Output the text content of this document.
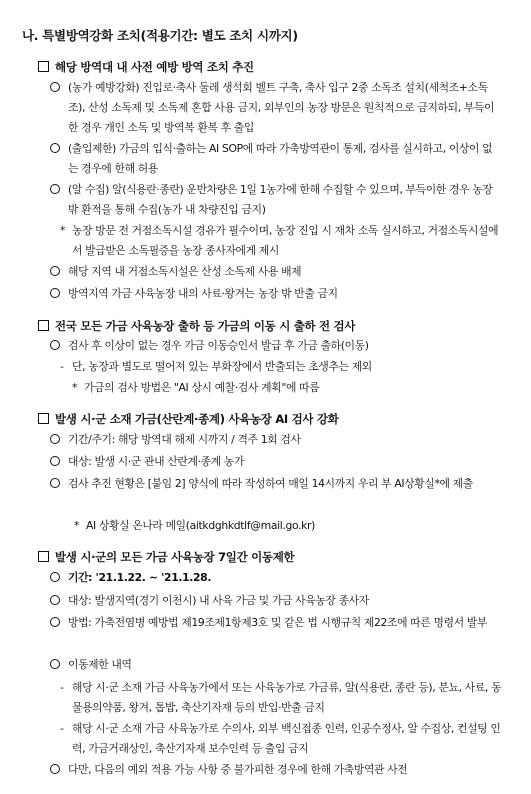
나. 특별방역강화 조치(적용기간: 별도 조치 시까지)
해당 방역대 내 사전 예방 방역 조치 추진
(농가 예방강화) 진입로·축사 둘레 생석회 벨트 구축, 축사 입구 2중 소독조 설치(세척조+소독조), 산성 소독제 및 소독제 혼합 사용 금지, 외부인의 농장 방문은 원칙적으로 금지하되, 부득이한 경우 개인 소독 및 방역복 환복 후 출입
(출입제한) 가금의 입식·출하는 AI SOP에 따라 가축방역관이 통제, 검사를 실시하고, 이상이 없는 경우에 한해 허용
(알 수집) 알(식용란·종란) 운반차량은 1일 1농가에 한해 수집할 수 있으며, 부득이한 경우 농장 밖 환적을 통해 수집(농가 내 차량진입 금지)
* 농장 방문 전 거점소독시설 경유가 필수이며, 농장 진입 시 재차 소독 실시하고, 거점소독시설에서 발급받은 소독필증을 농장 종사자에게 제시
해당 지역 내 거점소독시설은 산성 소독제 사용 배제
방역지역 가금 사육농장 내의 사료·왕겨는 농장 밖 반출 금지
전국 모든 가금 사육농장 출하 등 가금의 이동 시 출하 전 검사
검사 후 이상이 없는 경우 가금 이동승인서 발급 후 가금 출하(이동)
- 단, 농장과 별도로 떨어져 있는 부화장에서 반출되는 초생추는 제외
* 가금의 검사 방법은 "AI 상시 예찰·검사 계획"에 따름
발생 시·군 소재 가금(산란계·종계) 사육농장 AI 검사 강화
기간/주기: 해당 방역대 해제 시까지 / 격주 1회 검사
대상: 발생 시·군 관내 산란계·종계 농가
검사 추진 현황은 [붙임 2] 양식에 따라 작성하여 매일 14시까지 우리 부 AI상황실*에 제출
* AI 상황실 온나라 메일(aitkdghkdtlf@mail.go.kr)
발생 시·군의 모든 가금 사육농장 7일간 이동제한
기간: '21.1.22. ~ '21.1.28.
대상: 발생지역(경기 이천시) 내 사육 가금 및 가금 사육농장 종사자
방법: 가축전염병 예방법 제19조제1항제3호 및 같은 법 시행규칙 제22조에 따른 명령서 발부
이동제한 내역
- 해당 시·군 소재 가금 사육농가에서 또는 사육농가로 가금류, 알(식용란, 종란 등), 분뇨, 사료, 동물용의약품, 왕겨, 톱밥, 축산기자재 등의 반입·반출 금지
- 해당 시·군 소재 가금 사육농가로 수의사, 외부 백신접종 인력, 인공수정사, 알 수집상, 컨설팅 인력, 가금거래상인, 축산기자재 보수인력 등 출입 금지
다만, 다음의 예외 적용 가능 사항 중 불가피한 경우에 한해 가축방역관 사전
